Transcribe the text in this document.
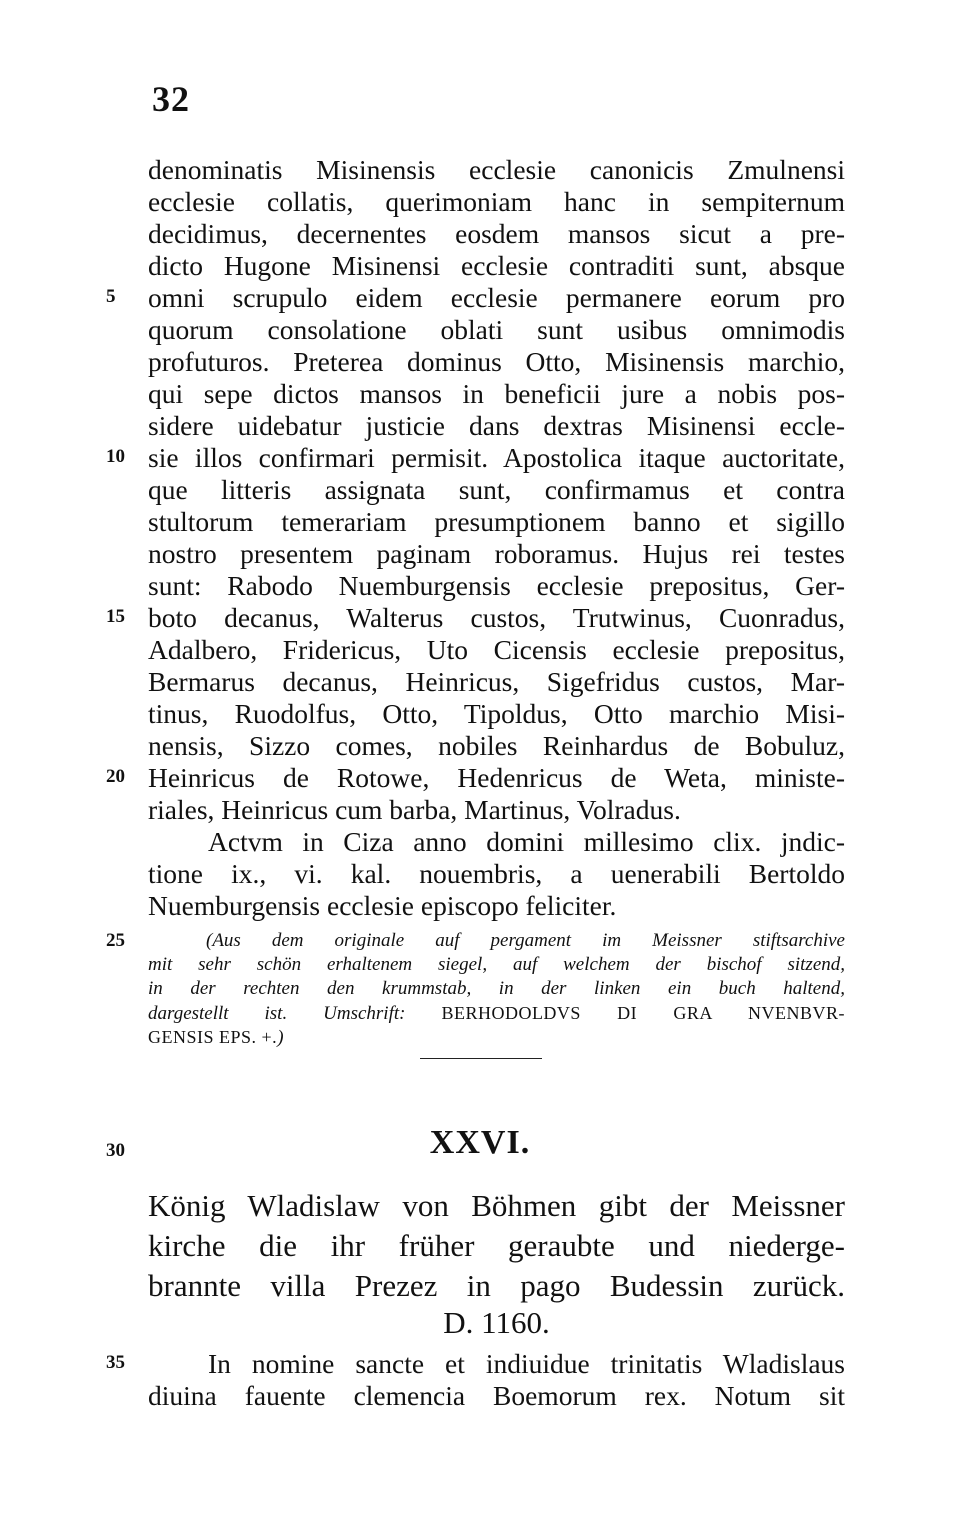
32
denominatis Misinensis ecclesie canonicis Zmulnensi
ecclesie collatis, querimoniam hanc in sempiternum
decidimus, decernentes eosdem mansos sicut a pre-
dicto Hugone Misinensi ecclesie contraditi sunt, absque
omni scrupulo eidem ecclesie permanere eorum pro
quorum consolatione oblati sunt usibus omnimodis
profuturos. Preterea dominus Otto, Misinensis marchio,
qui sepe dictos mansos in beneficii jure a nobis pos-
sidere uidebatur justicie dans dextras Misinensi eccle-
sie illos confirmari permisit. Apostolica itaque auctoritate,
que litteris assignata sunt, confirmamus et contra
stultorum temerariam presumptionem banno et sigillo
nostro presentem paginam roboramus. Hujus rei testes
sunt: Rabodo Nuemburgensis ecclesie prepositus, Ger-
boto decanus, Walterus custos, Trutwinus, Cuonradus,
Adalbero, Fridericus, Uto Cicensis ecclesie prepositus,
Bermarus decanus, Heinricus, Sigefridus custos, Mar-
tinus, Ruodolfus, Otto, Tipoldus, Otto marchio Misi-
nensis, Sizzo comes, nobiles Reinhardus de Bobuluz,
Heinricus de Rotowe, Hedenricus de Weta, ministe-
riales, Heinricus cum barba, Martinus, Volradus.
Actvm in Ciza anno domini millesimo clix. jndic-
tione ix., vi. kal. nouembris, a uenerabili Bertoldo
Nuemburgensis ecclesie episcopo feliciter.
(Aus dem originale auf pergament im Meissner stiftsarchive
mit sehr schön erhaltenem siegel, auf welchem der bischof sitzend,
in der rechten den krummstab, in der linken ein buch haltend,
dargestellt ist. Umschrift: BERHODOLDVS DI GRA NVENBVR-
GENSIS EPS. +.)
5
10
15
20
25
30
35
XXVI.
König Wladislaw von Böhmen gibt der Meissner
kirche die ihr früher geraubte und niederge-
brannte villa Prezez in pago Budessin zurück.
D. 1160.
In nomine sancte et indiuidue trinitatis Wladislaus
diuina fauente clemencia Boemorum rex. Notum sit
